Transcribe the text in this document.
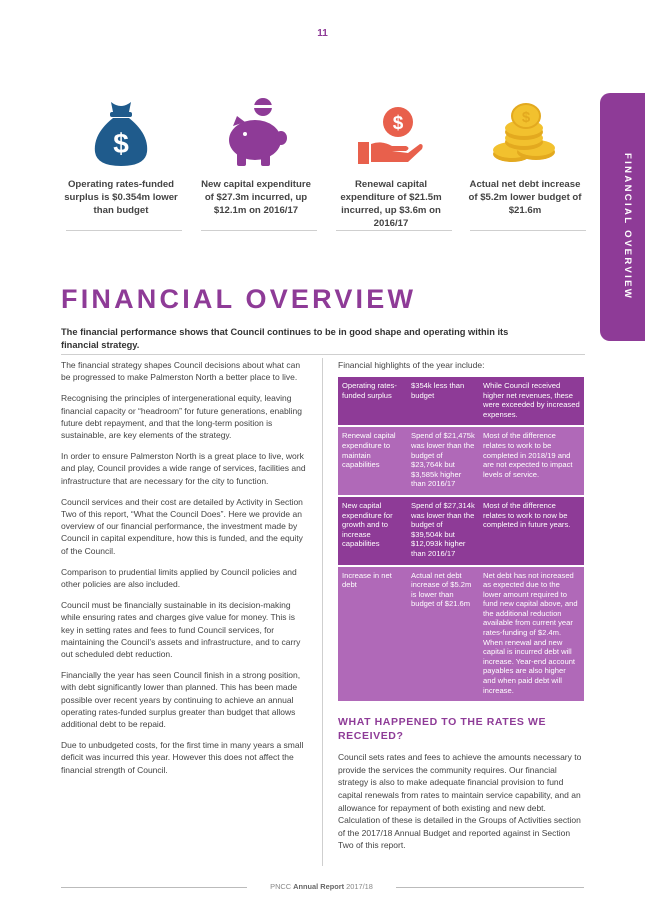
11
$
Operating rates-funded surplus is $0.354m lower than budget
New capital expenditure of $27.3m incurred, up $12.1m on 2016/17
$
Renewal capital expenditure of $21.5m incurred, up $3.6m on 2016/17
$
Actual net debt increase of $5.2m lower budget of $21.6m	FINANCIAL OVERVIEW
FINANCIAL OVERVIEW

The financial performance shows that Council continues to be in good shape and operating within its financial strategy.

The financial strategy shapes Council decisions about what can be progressed to make Palmerston North a better place to live.

Recognising the principles of intergenerational equity, leaving financial capacity or “headroom” for future generations, enabling future debt repayment, and that the long-term position is sustainable, are key elements of the strategy.

In order to ensure Palmerston North is a great place to live, work and play, Council provides a wide range of services, facilities and infrastructure that are necessary for the city to function.

Council services and their cost are detailed by Activity in Section Two of this report, “What the Council Does”. Here we provide an overview of our financial performance, the investment made by Council in capital expenditure, how this is funded, and the equity of the Council.

Comparison to prudential limits applied by Council policies and other policies are also included.

Council must be financially sustainable in its decision-making while ensuring rates and charges give value for money. This is key in setting rates and fees to fund Council services, for maintaining the Council’s assets and infrastructure, and to carry out scheduled debt reduction.

Financially the year has seen Council finish in a strong position, with debt significantly lower than planned. This has been made possible over recent years by continuing to achieve an annual operating rates-funded surplus greater than budget that allows additional debt to be repaid.

Due to unbudgeted costs, for the first time in many years a small deficit was incurred this year. However this does not affect the financial strength of Council.

Financial highlights of the year include:

Operating rates-funded surplus	$354k less than budget	While Council received higher net revenues, these were exceeded by increased expenses.
Renewal capital expenditure to maintain capabilities	Spend of $21,475k was lower than the budget of $23,764k but $3,585k higher than 2016/17	Most of the difference relates to work to be completed in 2018/19 and are not expected to impact levels of service.
New capital expenditure for growth and to increase capabilities	Spend of $27,314k was lower than the budget of $39,504k but $12,093k higher than 2016/17	Most of the difference relates to work to now be completed in future years.
Increase in net debt	Actual net debt increase of $5.2m is lower than budget of $21.6m	Net debt has not increased as expected due to the lower amount required to fund new capital above, and the additional reduction available from current year rates-funding of $2.4m. When renewal and new capital is incurred debt will increase. Year-end account payables are also higher and when paid debt will increase.
WHAT HAPPENED TO THE RATES WE RECEIVED?

Council sets rates and fees to achieve the amounts necessary to provide the services the community requires. Our financial strategy is also to make adequate financial provision to fund capital renewals from rates to maintain service capability, and an allowance for repayment of both existing and new debt. Calculation of these is detailed in the Groups of Activities section of the 2017/18 Annual Budget and reported against in Section Two of this report.

PNCC Annual Report 2017/18
